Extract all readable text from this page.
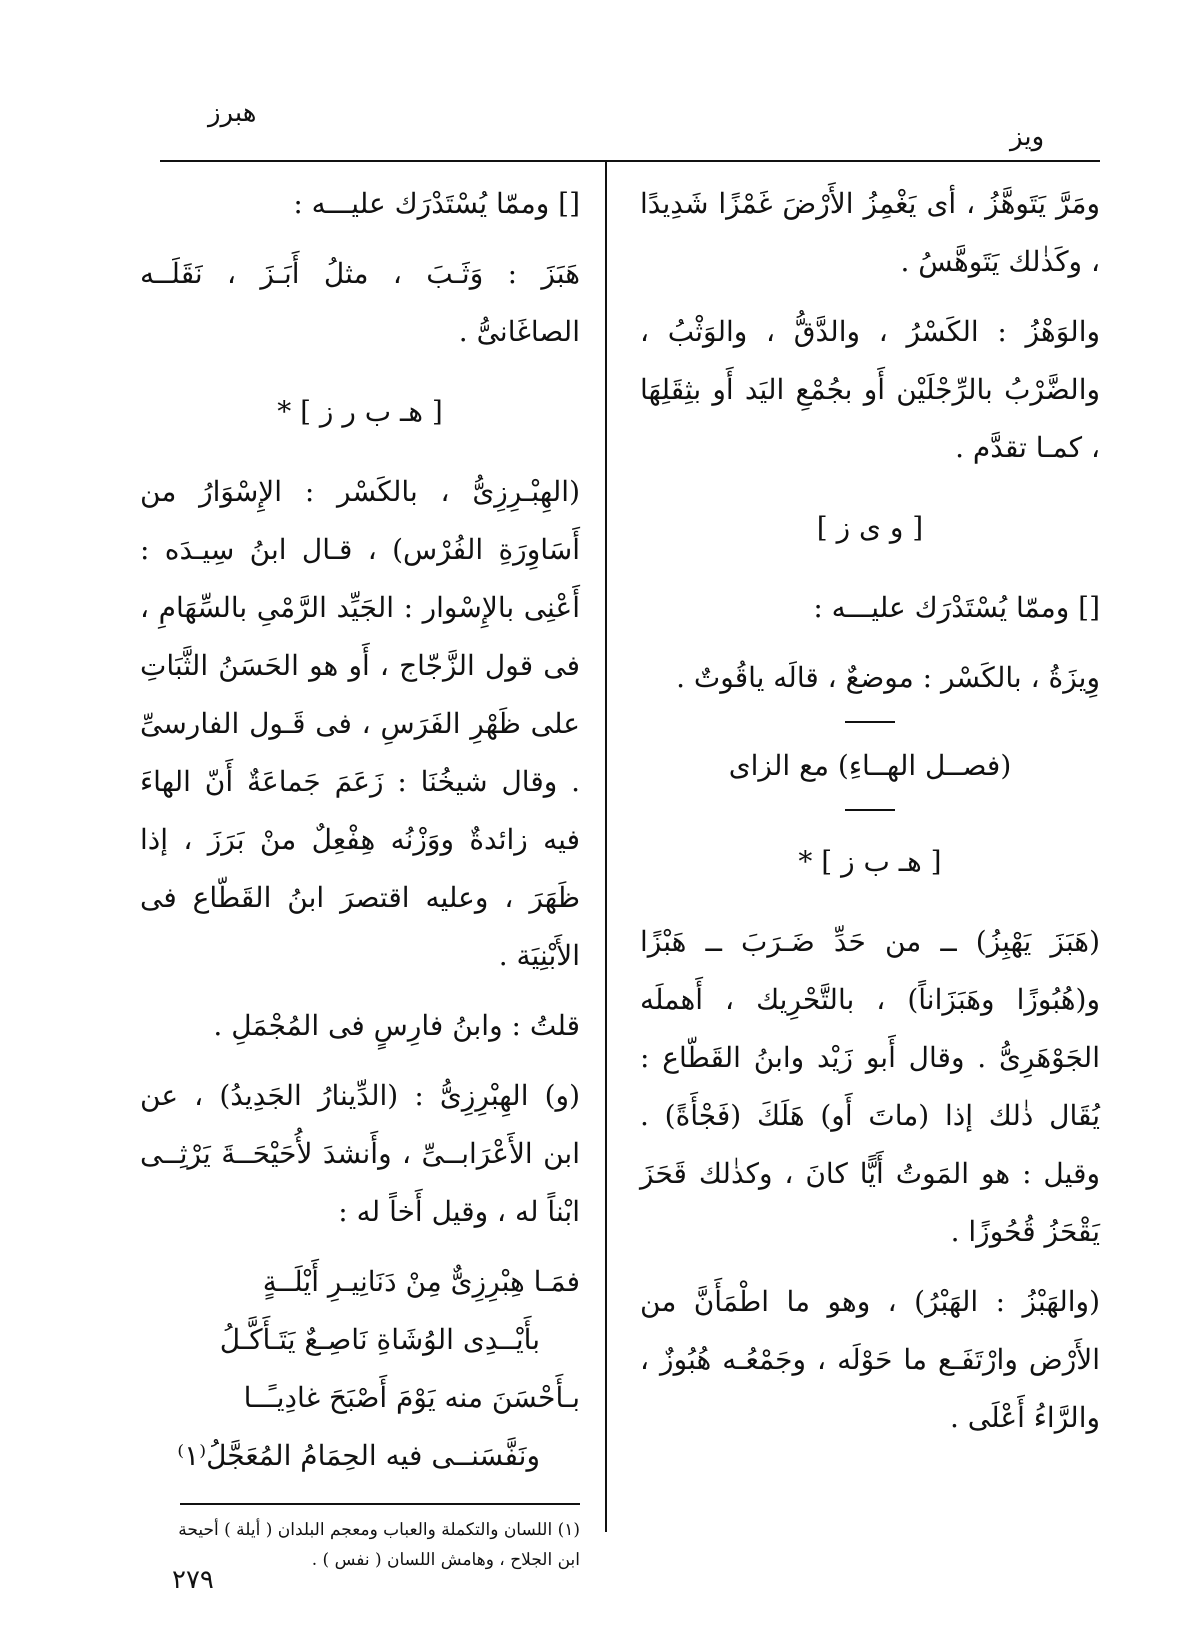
هبرز
ويز

ومَرَّ يَتَوهَّزُ ، أى يَغْمِزُ الأَرْضَ غَمْزًا شَدِيدًا ، وكَذٰلك يَتَوهَّسُ .

والوَهْزُ : الكَسْرُ ، والدَّقُّ ، والوَثْبُ ، والضَّرْبُ بالرِّجْلَيْن أَو بجُمْعِ اليَد أَو بثِقَلِهَا ، كمـا تقدَّم .

[ و ى ز ]

[] وممّا يُسْتَدْرَك عليـــه :

وِيزَةُ ، بالكَسْر : موضعٌ ، قالَه ياقُوتٌ .

(فصــل الهــاءِ) مع الزاى

[ هـ ب ز ] *

(هَبَزَ يَهْبِزُ) ــ من حَدِّ ضَـرَبَ ــ هَبْزًا و(هُبُوزًا وهَبَزَاناً) ، بالتَّحْرِيك ، أَهملَه الجَوْهَرِىُّ . وقال أَبو زَيْد وابنُ القَطّاع : يُقَال ذٰلك إذا (ماتَ أَو) هَلَكَ (فَجْأَةً) . وقيل : هو المَوتُ أَيًّا كانَ ، وكذٰلك قَحَزَ يَقْحَزُ قُحُوزًا .

(والهَبْزُ : الهَبْرُ) ، وهو ما اطْمَأَنَّ من الأَرْض وارْتَفَـع ما حَوْلَه ، وجَمْعُـه هُبُوزٌ ، والرَّاءُ أَعْلَى .

[] وممّا يُسْتَدْرَك عليـــه :

هَبَزَ : وَثَـبَ ، مثلُ أَبَـزَ ، نَقَلَــه الصاغَانىُّ .

[ هـ ب ر ز ] *

(الهِبْـرِزِىُّ ، بالكَسْر : الإِسْوَارُ من أَسَاوِرَةِ الفُرْس) ، قـال ابنُ سِيـدَه : أَعْنِى بالإِسْوار : الجَيِّد الرَّمْىِ بالسِّهَامِ ، فى قول الزَّجّاج ، أَو هو الحَسَنُ الثَّبَاتِ على ظَهْرِ الفَرَسِ ، فى قَـول الفارسىِّ . وقال شيخُنَا : زَعَمَ جَماعَةٌ أَنّ الهاءَ فيه زائدةٌ ووَزْنُه هِفْعِلٌ منْ بَرَزَ ، إذا ظَهَرَ ، وعليه اقتصرَ ابنُ القَطّاع فى الأَبْنِيَة .

قلتُ : وابنُ فارِسٍ فى المُجْمَلِ .

(و) الهِبْرِزِىُّ : (الدِّينارُ الجَدِيدُ) ، عن ابن الأَعْرَابــىِّ ، وأَنشدَ لأُحَيْحَــةَ يَرْثِــى ابْناً له ، وقيل أَخاً له :

فمَـا هِبْرِزِىٌّ مِنْ دَنَانِيـرِ أَيْلَــةٍ

بأَيْــدِى الوُشَاةِ نَاصِـعٌ يَتَـأَكَّـلُ

بـأَحْسَنَ منه يَوْمَ أَصْبَحَ غادِيـًــا

ونَفَّسَنــى فيه الحِمَامُ المُعَجَّلُ⁽١⁾

(١) اللسان والتكملة والعباب ومعجم البلدان ( أيلة ) أحيحة

ابن الجلاح ، وهامش اللسان ( نفس ) .

٢٧٩
